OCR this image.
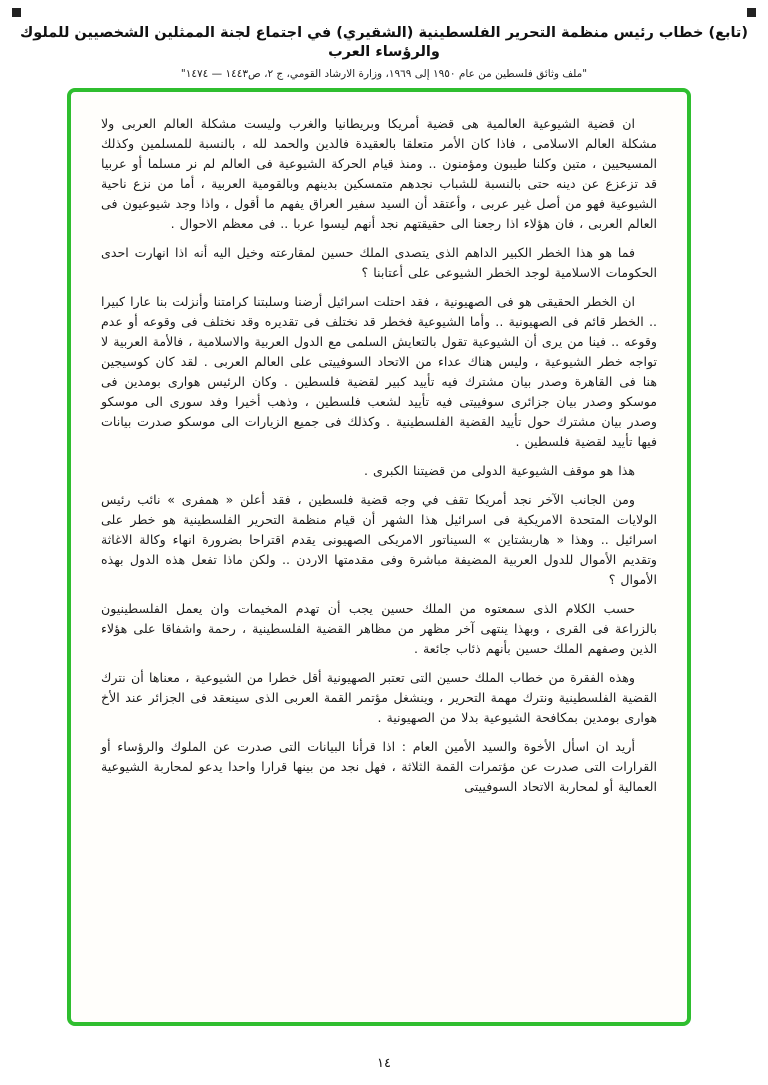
(تابع) خطاب رئيس منظمة التحرير الفلسطينية (الشقيري) في اجتماع لجنة الممثلين الشخصيين للملوك والرؤساء العرب
"ملف وثائق فلسطين من عام ١٩٥٠ إلى ١٩٦٩، وزارة الارشاد القومي، ج ٢، ص١٤٤٣ — ١٤٧٤"

ان قضية الشيوعية العالمية هى قضية أمريكا وبريطانيا والغرب وليست مشكلة العالم العربى ولا مشكلة العالم الاسلامى ، فاذا كان الأمر متعلقا بالعقيدة فالدين والحمد لله ، بالنسبة للمسلمين وكذلك المسيحيين ، متين وكلنا طيبون ومؤمنون .. ومنذ قيام الحركة الشيوعية فى العالم لم نر مسلما أو عربيا قد تزعزع عن دينه حتى بالنسبة للشباب نجدهم متمسكين بدينهم وبالقومية العربية ، أما من نزع ناحية الشيوعية فهو من أصل غير عربى ، وأعتقد أن السيد سفير العراق يفهم ما أقول ، واذا وجد شيوعيون فى العالم العربى ، فان هؤلاء اذا رجعنا الى حقيقتهم نجد أنهم ليسوا عربا .. فى معظم الاحوال .

فما هو هذا الخطر الكبير الداهم الذى يتصدى الملك حسين لمقارعته وخيل اليه أنه اذا انهارت احدى الحكومات الاسلامية لوجد الخطر الشيوعى على أعتابنا ؟

ان الخطر الحقيقى هو فى الصهيونية ، فقد احتلت اسرائيل أرضنا وسلبتنا كرامتنا وأنزلت بنا عارا كبيرا .. الخطر قائم فى الصهيونية .. وأما الشيوعية فخطر قد نختلف فى تقديره وقد نختلف فى وقوعه أو عدم وقوعه .. فينا من يرى أن الشيوعية تقول بالتعايش السلمى مع الدول العربية والاسلامية ، فالأمة العربية لا تواجه خطر الشيوعية ، وليس هناك عداء من الاتحاد السوفييتى على العالم العربى . لقد كان كوسيجين هنا فى القاهرة وصدر بيان مشترك فيه تأييد كبير لقضية فلسطين . وكان الرئيس هوارى بومدين فى موسكو وصدر بيان جزائرى سوفييتى فيه تأييد لشعب فلسطين ، وذهب أخيرا وفد سورى الى موسكو وصدر بيان مشترك حول تأييد القضية الفلسطينية . وكذلك فى جميع الزيارات الى موسكو صدرت بيانات فيها تأييد لقضية فلسطين .

هذا هو موقف الشيوعية الدولى من قضيتنا الكبرى .

ومن الجانب الآخر نجد أمريكا تقف في وجه قضية فلسطين ، فقد أعلن « همفرى » نائب رئيس الولايات المتحدة الامريكية فى اسرائيل هذا الشهر أن قيام منظمة التحرير الفلسطينية هو خطر على اسرائيل .. وهذا « هاربشتاين » السيناتور الامريكى الصهيونى يقدم اقتراحا بضرورة انهاء وكالة الاغاثة وتقديم الأموال للدول العربية المضيفة مباشرة وفى مقدمتها الاردن .. ولكن ماذا تفعل هذه الدول بهذه الأموال ؟

حسب الكلام الذى سمعتوه من الملك حسين يجب أن تهدم المخيمات وان يعمل الفلسطينيون بالزراعة فى القرى ، وبهذا ينتهى آخر مظهر من مظاهر القضية الفلسطينية ، رحمة واشفاقا على هؤلاء الذين وصفهم الملك حسين بأنهم ذئاب جائعة .

وهذه الفقرة من خطاب الملك حسين التى تعتبر الصهيونية أقل خطرا من الشيوعية ، معناها أن نترك القضية الفلسطينية ونترك مهمة التحرير ، وينشغل مؤتمر القمة العربى الذى سينعقد فى الجزائر عند الأخ هوارى بومدين بمكافحة الشيوعية بدلا من الصهيونية .

أريد ان اسأل الأخوة والسيد الأمين العام : اذا قرأنا البيانات التى صدرت عن الملوك والرؤساء أو القرارات التى صدرت عن مؤتمرات القمة الثلاثة ، فهل نجد من بينها قرارا واحدا يدعو لمحاربة الشيوعية العمالية أو لمحاربة الاتحاد السوفييتى

١٤
